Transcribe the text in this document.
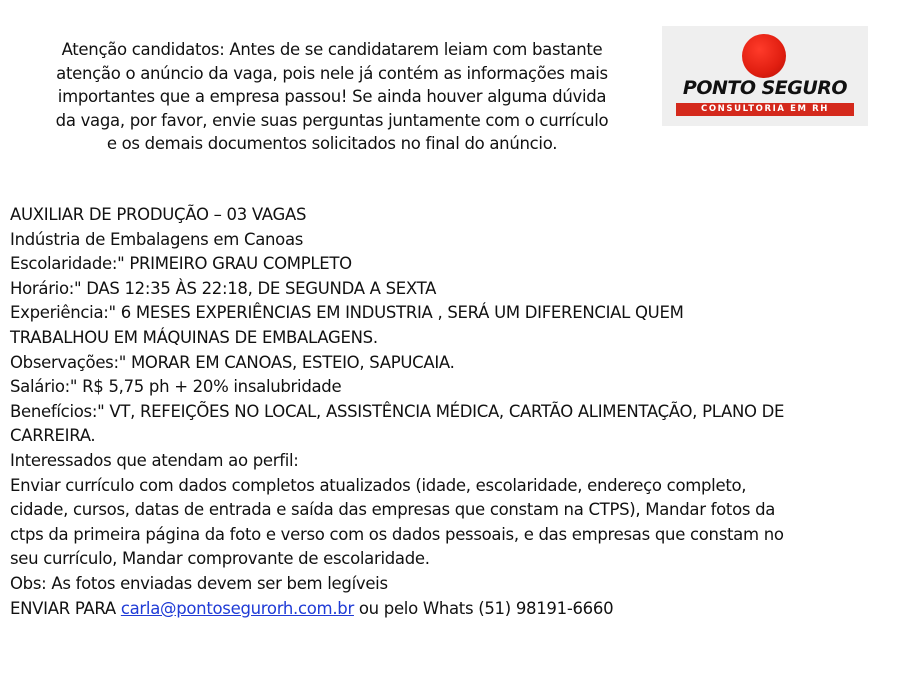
Atenção candidatos: Antes de se candidatarem leiam com bastante
atenção o anúncio da vaga, pois nele já contém as informações mais
importantes que a empresa passou! Se ainda houver alguma dúvida
da vaga, por favor, envie suas perguntas juntamente com o currículo
e os demais documentos solicitados no final do anúncio.
PONTO SEGURO
CONSULTORIA EM RH
AUXILIAR DE PRODUÇÃO – 03 VAGAS
Indústria de Embalagens em Canoas
Escolaridade:" PRIMEIRO GRAU COMPLETO
Horário:" DAS 12:35 ÀS 22:18, DE SEGUNDA A SEXTA
Experiência:" 6 MESES EXPERIÊNCIAS EM INDUSTRIA , SERÁ UM DIFERENCIAL QUEM
TRABALHOU EM MÁQUINAS DE EMBALAGENS.
Observações:" MORAR EM CANOAS, ESTEIO, SAPUCAIA.
Salário:" R$ 5,75 ph + 20% insalubridade
Benefícios:" VT, REFEIÇÕES NO LOCAL, ASSISTÊNCIA MÉDICA, CARTÃO ALIMENTAÇÃO, PLANO DE
CARREIRA.
Interessados que atendam ao perfil:
Enviar currículo com dados completos atualizados (idade, escolaridade, endereço completo,
cidade, cursos, datas de entrada e saída das empresas que constam na CTPS), Mandar fotos da
ctps da primeira página da foto e verso com os dados pessoais, e das empresas que constam no
seu currículo, Mandar comprovante de escolaridade.
Obs: As fotos enviadas devem ser bem legíveis
ENVIAR PARA carla@pontosegurorh.com.br ou pelo Whats (51) 98191-6660
